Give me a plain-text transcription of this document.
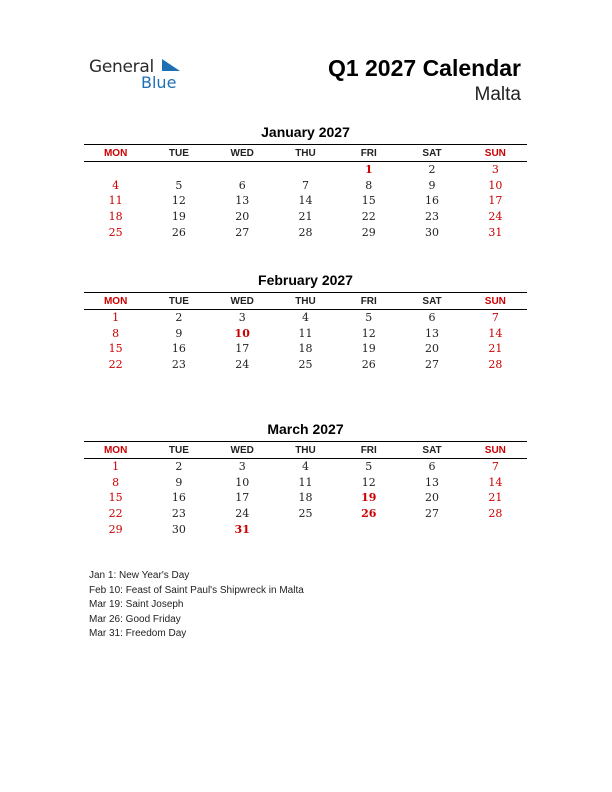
General
Blue
Q1 2027 Calendar
Malta
January 2027
MON	TUE	WED	THU	FRI	SAT	SUN
				1	2	3
4	5	6	7	8	9	10
11	12	13	14	15	16	17
18	19	20	21	22	23	24
25	26	27	28	29	30	31
February 2027
MON	TUE	WED	THU	FRI	SAT	SUN
1	2	3	4	5	6	7
8	9	10	11	12	13	14
15	16	17	18	19	20	21
22	23	24	25	26	27	28
March 2027
MON	TUE	WED	THU	FRI	SAT	SUN
1	2	3	4	5	6	7
8	9	10	11	12	13	14
15	16	17	18	19	20	21
22	23	24	25	26	27	28
29	30	31				
Jan 1: New Year's Day
Feb 10: Feast of Saint Paul's Shipwreck in Malta
Mar 19: Saint Joseph
Mar 26: Good Friday
Mar 31: Freedom Day
